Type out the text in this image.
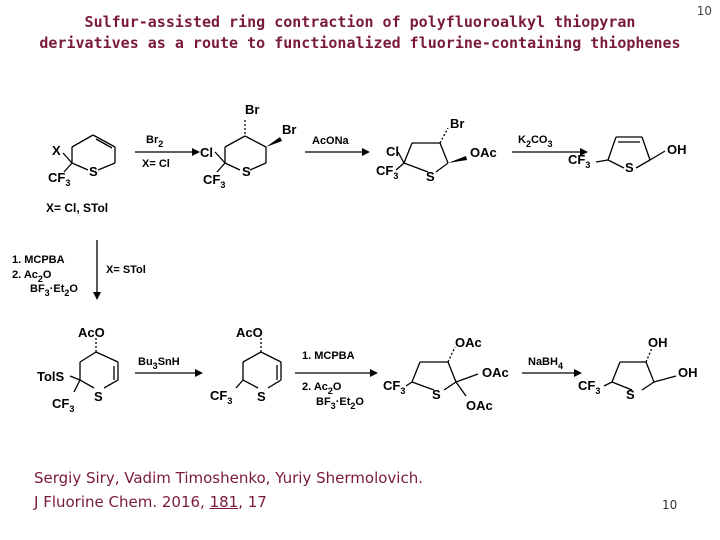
10
Sulfur-assisted ring contraction of polyfluoroalkyl thiopyran
derivatives as a route to functionalized fluorine-containing thiophenes
X
$CF_3$
S
X= Cl, STol
$Br_2$
X= Cl
Cl
$CF_3$
S
Br
Br
AcONa
Cl
$CF_3$ S
Br
OAc
$K_2CO_3$
$CF_3$	S
OH
1. MCPBA
2. $Ac_2O$
$BF_3\cdot Et_2O$
X= STol
AcO
TolS
$CF_3$
S
$Bu_3SnH$
AcO
$CF_3$ S
1. MCPBA
2. $Ac_2O$
$BF_3\cdot Et_2O$
OAc
OAc
OAc
$CF_3$ S
NaBH$_4$
OH
OH
$CF_3$ S
Sergiy Siry, Vadim Timoshenko, Yuriy Shermolovich.
J Fluorine Chem. 2016, 181, 17	10
